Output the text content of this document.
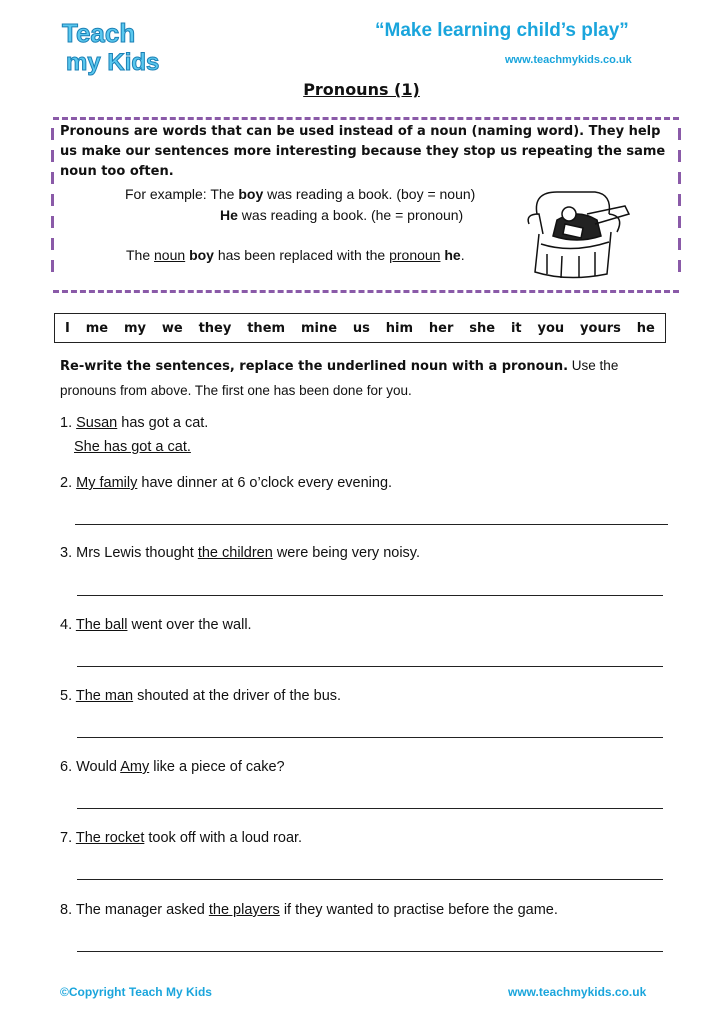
Teach
my Kids
“Make learning child’s play”
www.teachmykids.co.uk
Pronouns (1)
Pronouns are words that can be used instead of a noun (naming word). They help us make our sentences more interesting because they stop us repeating the same noun too often.
For example: The boy was reading a book. (boy = noun)
He was reading a book. (he = pronoun)
The noun boy has been replaced with the pronoun he.
I me my we they them mine us him her she it you yours he
Re-write the sentences, replace the underlined noun with a pronoun. Use the pronouns from above. The first one has been done for you.
1. Susan has got a cat.
She has got a cat.
2. My family have dinner at 6 o’clock every evening.
3. Mrs Lewis thought the children were being very noisy.
4. The ball went over the wall.
5. The man shouted at the driver of the bus.
6. Would Amy like a piece of cake?
7. The rocket took off with a loud roar.
8. The manager asked the players if they wanted to practise before the game.
©Copyright Teach My Kids	www.teachmykids.co.uk
